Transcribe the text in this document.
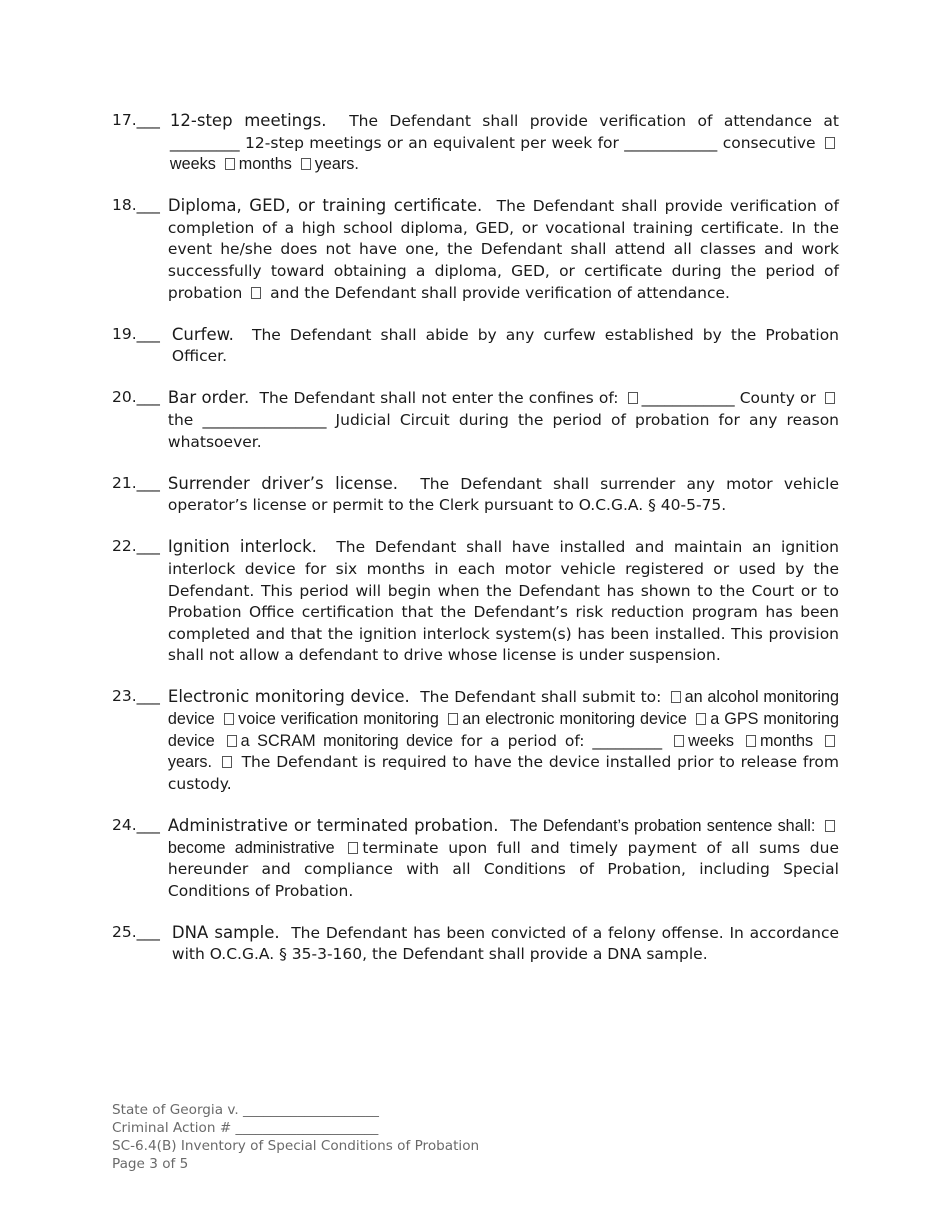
17.___ 12-step meetings. The Defendant shall provide verification of attendance at _________ 12-step meetings or an equivalent per week for ____________ consecutive weeks months years.
18.___ Diploma, GED, or training certificate. The Defendant shall provide verification of completion of a high school diploma, GED, or vocational training certificate. In the event he/she does not have one, the Defendant shall attend all classes and work successfully toward obtaining a diploma, GED, or certificate during the period of probation and the Defendant shall provide verification of attendance.
19.___ Curfew. The Defendant shall abide by any curfew established by the Probation Officer.
20.___ Bar order. The Defendant shall not enter the confines of: ____________ County or  the ________________ Judicial Circuit during the period of probation for any reason whatsoever.
21.___ Surrender driver’s license. The Defendant shall surrender any motor vehicle operator’s license or permit to the Clerk pursuant to O.C.G.A. § 40-5-75.
22.___ Ignition interlock. The Defendant shall have installed and maintain an ignition interlock device for six months in each motor vehicle registered or used by the Defendant. This period will begin when the Defendant has shown to the Court or to Probation Office certification that the Defendant’s risk reduction program has been completed and that the ignition interlock system(s) has been installed. This provision shall not allow a defendant to drive whose license is under suspension.
23.___ Electronic monitoring device. The Defendant shall submit to: an alcohol monitoring device voice verification monitoring an electronic monitoring device a GPS monitoring device a SCRAM monitoring device for a period of: _________ weeks months years. The Defendant is required to have the device installed prior to release from custody.
24.___ Administrative or terminated probation. The Defendant’s probation sentence shall: become administrative terminate upon full and timely payment of all sums due hereunder and compliance with all Conditions of Probation, including Special Conditions of Probation.
25.___ DNA sample. The Defendant has been convicted of a felony offense. In accordance with O.C.G.A. § 35-3-160, the Defendant shall provide a DNA sample.
State of Georgia v. ____________________
Criminal Action # _____________________
SC-6.4(B) Inventory of Special Conditions of Probation
Page 3 of 5
